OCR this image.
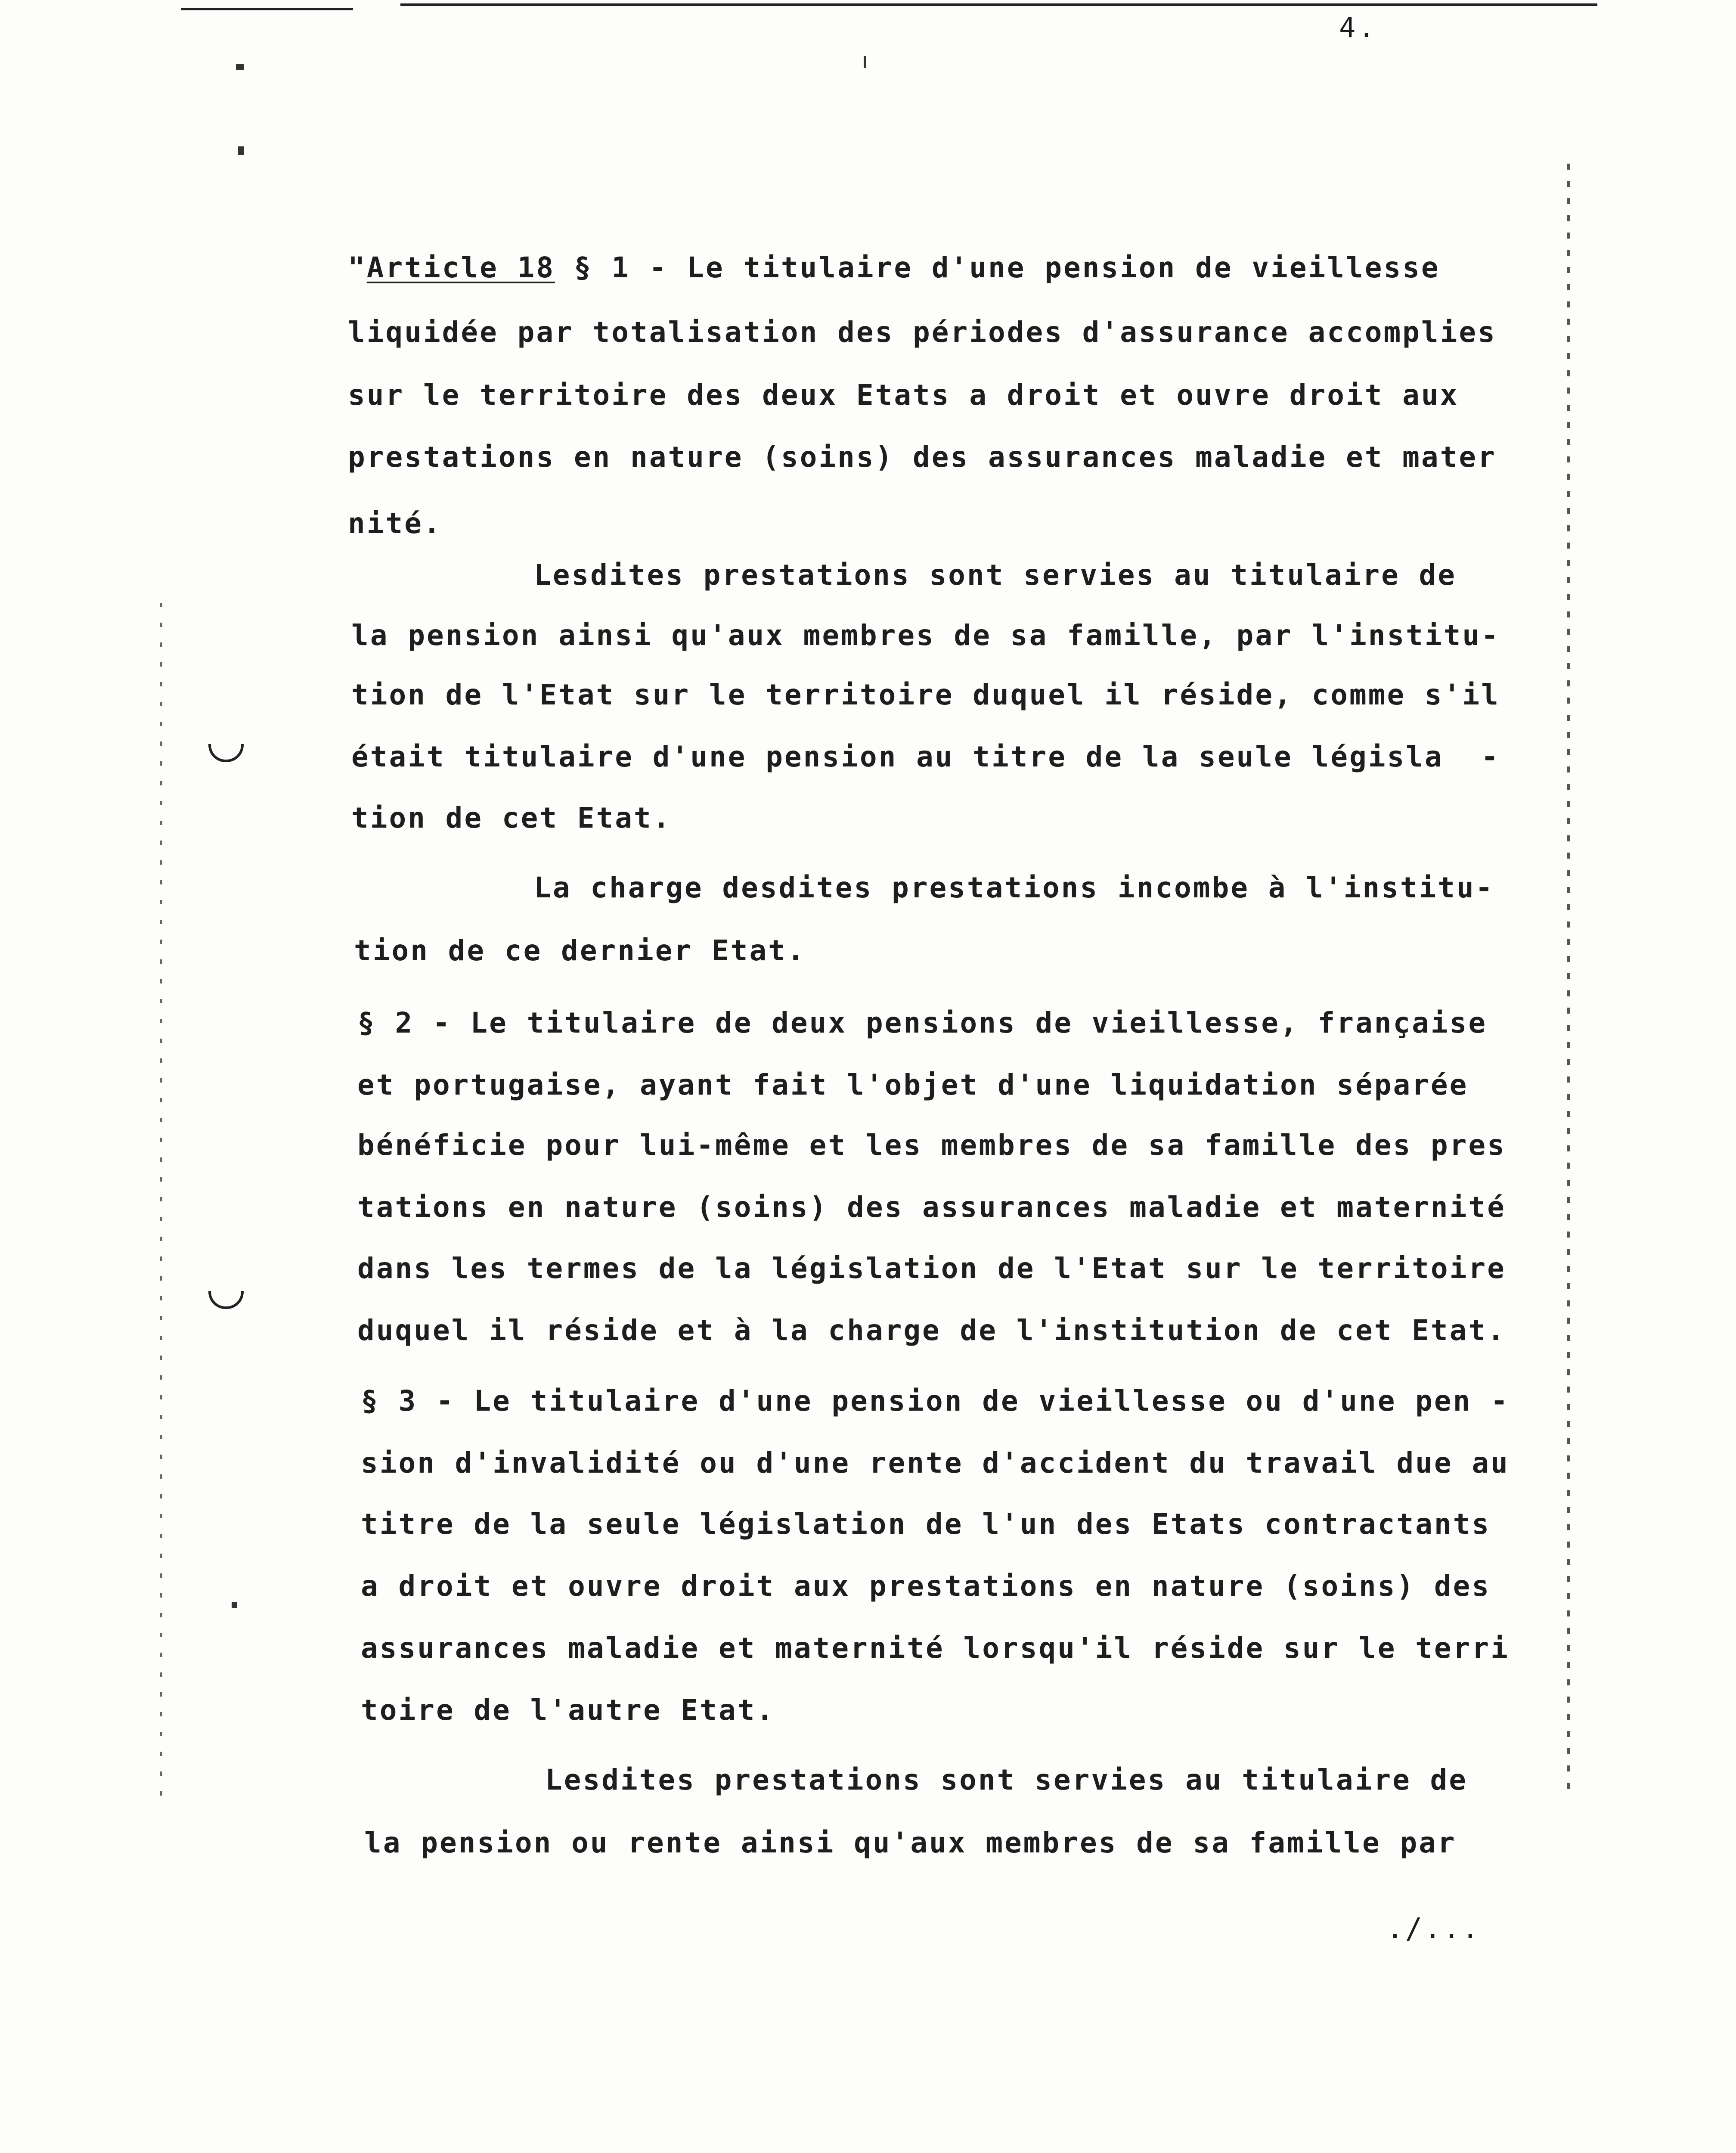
4.
"Article 18 § 1 - Le titulaire d'une pension de vieillesse
liquidée par totalisation des périodes d'assurance accomplies
sur le territoire des deux Etats a droit et ouvre droit aux
prestations en nature (soins) des assurances maladie et mater
nité.
Lesdites prestations sont servies au titulaire de
la pension ainsi qu'aux membres de sa famille, par l'institu-
tion de l'Etat sur le territoire duquel il réside, comme s'il
était titulaire d'une pension au titre de la seule législa  -
tion de cet Etat.
La charge desdites prestations incombe à l'institu-
tion de ce dernier Etat.
§ 2 - Le titulaire de deux pensions de vieillesse, française
et portugaise, ayant fait l'objet d'une liquidation séparée
bénéficie pour lui-même et les membres de sa famille des pres
tations en nature (soins) des assurances maladie et maternité
dans les termes de la législation de l'Etat sur le territoire
duquel il réside et à la charge de l'institution de cet Etat.
§ 3 - Le titulaire d'une pension de vieillesse ou d'une pen -
sion d'invalidité ou d'une rente d'accident du travail due au
titre de la seule législation de l'un des Etats contractants
a droit et ouvre droit aux prestations en nature (soins) des
assurances maladie et maternité lorsqu'il réside sur le terri
toire de l'autre Etat.
Lesdites prestations sont servies au titulaire de
la pension ou rente ainsi qu'aux membres de sa famille par
./...
